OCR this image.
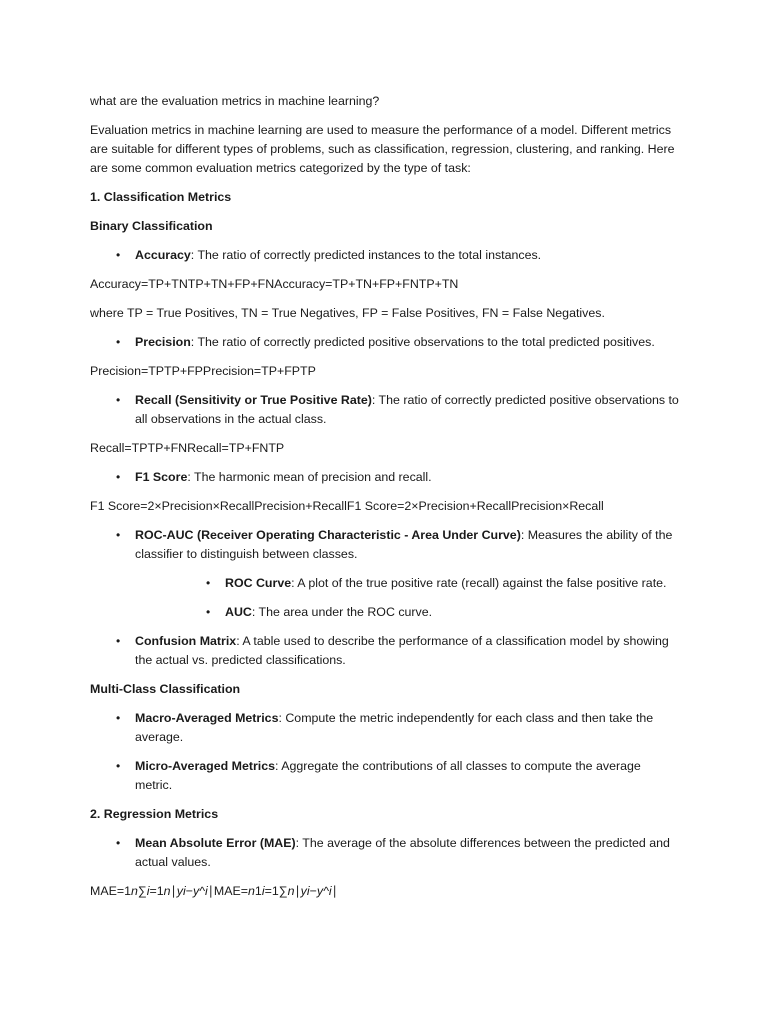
what are the evaluation metrics in machine learning?

Evaluation metrics in machine learning are used to measure the performance of a model. Different metrics are suitable for different types of problems, such as classification, regression, clustering, and ranking. Here are some common evaluation metrics categorized by the type of task:

1. Classification Metrics

Binary Classification

• Accuracy: The ratio of correctly predicted instances to the total instances.

Accuracy=TP+TNTP+TN+FP+FNAccuracy=TP+TN+FP+FNTP+TN

where TP = True Positives, TN = True Negatives, FP = False Positives, FN = False Negatives.

• Precision: The ratio of correctly predicted positive observations to the total predicted positives.

Precision=TPTP+FPPrecision=TP+FPTP

• Recall (Sensitivity or True Positive Rate): The ratio of correctly predicted positive observations to all observations in the actual class.

Recall=TPTP+FNRecall=TP+FNTP

• F1 Score: The harmonic mean of precision and recall.

F1 Score=2×Precision×RecallPrecision+RecallF1 Score=2×Precision+RecallPrecision×Recall

• ROC-AUC (Receiver Operating Characteristic - Area Under Curve): Measures the ability of the classifier to distinguish between classes.
• ROC Curve: A plot of the true positive rate (recall) against the false positive rate.
• AUC: The area under the ROC curve.
• Confusion Matrix: A table used to describe the performance of a classification model by showing the actual vs. predicted classifications.

Multi-Class Classification

• Macro-Averaged Metrics: Compute the metric independently for each class and then take the average.
• Micro-Averaged Metrics: Aggregate the contributions of all classes to compute the average metric.

2. Regression Metrics

• Mean Absolute Error (MAE): The average of the absolute differences between the predicted and actual values.

MAE=1n∑i=1n∣yi−y^i∣MAE=n1i=1∑n∣yi−y^i∣
